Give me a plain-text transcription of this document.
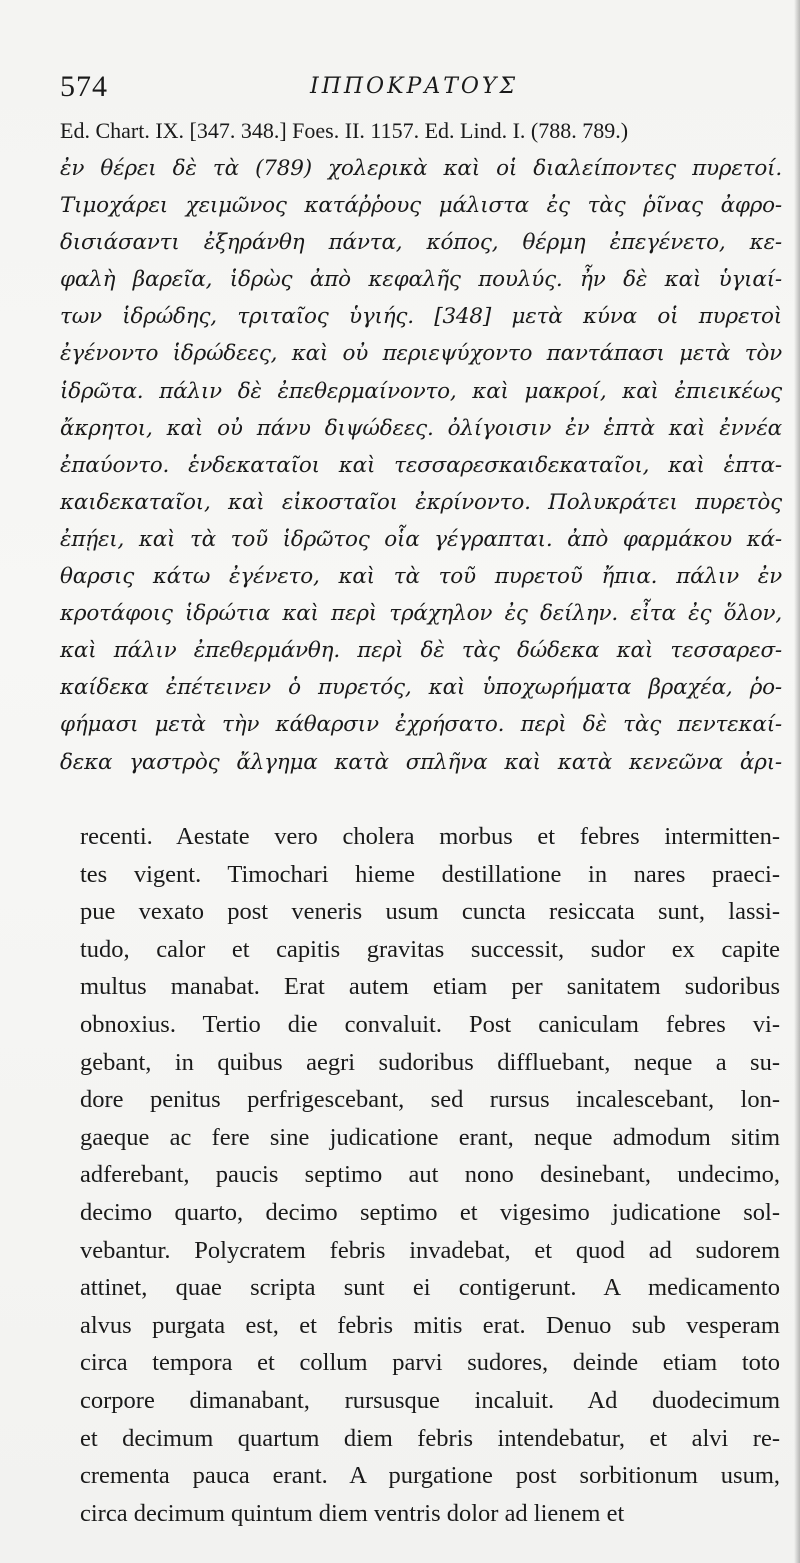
574	ΙΠΠΟΚΡΑΤΟΥΣ
Ed. Chart. IX. [347. 348.] Foes. II. 1157. Ed. Lind. I. (788. 789.)
ἐν θέρει δὲ τὰ (789) χολερικὰ καὶ οἱ διαλείποντες πυρετοί.
Τιμοχάρει χειμῶνος κατάῤῥους μάλιστα ἐς τὰς ῥῖνας ἀφρο-
δισιάσαντι ἐξηράνθη πάντα, κόπος, θέρμη ἐπεγένετο, κε-
φαλὴ βαρεῖα, ἱδρὼς ἀπὸ κεφαλῆς πουλύς. ἦν δὲ καὶ ὑγιαί-
των ἱδρώδης, τριταῖος ὑγιής. [348] μετὰ κύνα οἱ πυρετοὶ
ἐγένοντο ἱδρώδεες, καὶ οὐ περιεψύχοντο παντάπασι μετὰ τὸν
ἱδρῶτα. πάλιν δὲ ἐπεθερμαίνοντο, καὶ μακροί, καὶ ἐπιεικέως
ἄκρητοι, καὶ οὐ πάνυ διψώδεες. ὀλίγοισιν ἐν ἑπτὰ καὶ ἐννέα
ἐπαύοντο. ἑνδεκαταῖοι καὶ τεσσαρεσκαιδεκαταῖοι, καὶ ἑπτα-
καιδεκαταῖοι, καὶ εἰκοσταῖοι ἐκρίνοντο. Πολυκράτει πυρετὸς
ἐπῄει, καὶ τὰ τοῦ ἱδρῶτος οἷα γέγραπται. ἀπὸ φαρμάκου κά-
θαρσις κάτω ἐγένετο, καὶ τὰ τοῦ πυρετοῦ ἤπια. πάλιν ἐν
κροτάφοις ἱδρώτια καὶ περὶ τράχηλον ἐς δείλην. εἶτα ἐς ὅλον,
καὶ πάλιν ἐπεθερμάνθη. περὶ δὲ τὰς δώδεκα καὶ τεσσαρεσ-
καίδεκα ἐπέτεινεν ὁ πυρετός, καὶ ὑποχωρήματα βραχέα, ῥο-
φήμασι μετὰ τὴν κάθαρσιν ἐχρήσατο. περὶ δὲ τὰς πεντεκαί-
δεκα γαστρὸς ἄλγημα κατὰ σπλῆνα καὶ κατὰ κενεῶνα ἀρι-
recenti. Aestate vero cholera morbus et febres intermitten-
tes vigent. Timochari hieme destillatione in nares praeci-
pue vexato post veneris usum cuncta resiccata sunt, lassi-
tudo, calor et capitis gravitas successit, sudor ex capite
multus manabat. Erat autem etiam per sanitatem sudoribus
obnoxius. Tertio die convaluit. Post caniculam febres vi-
gebant, in quibus aegri sudoribus diffluebant, neque a su-
dore penitus perfrigescebant, sed rursus incalescebant, lon-
gaeque ac fere sine judicatione erant, neque admodum sitim
adferebant, paucis septimo aut nono desinebant, undecimo,
decimo quarto, decimo septimo et vigesimo judicatione sol-
vebantur. Polycratem febris invadebat, et quod ad sudorem
attinet, quae scripta sunt ei contigerunt. A medicamento
alvus purgata est, et febris mitis erat. Denuo sub vesperam
circa tempora et collum parvi sudores, deinde etiam toto
corpore dimanabant, rursusque incaluit. Ad duodecimum
et decimum quartum diem febris intendebatur, et alvi re-
crementa pauca erant. A purgatione post sorbitionum usum,
circa decimum quintum diem ventris dolor ad lienem et
